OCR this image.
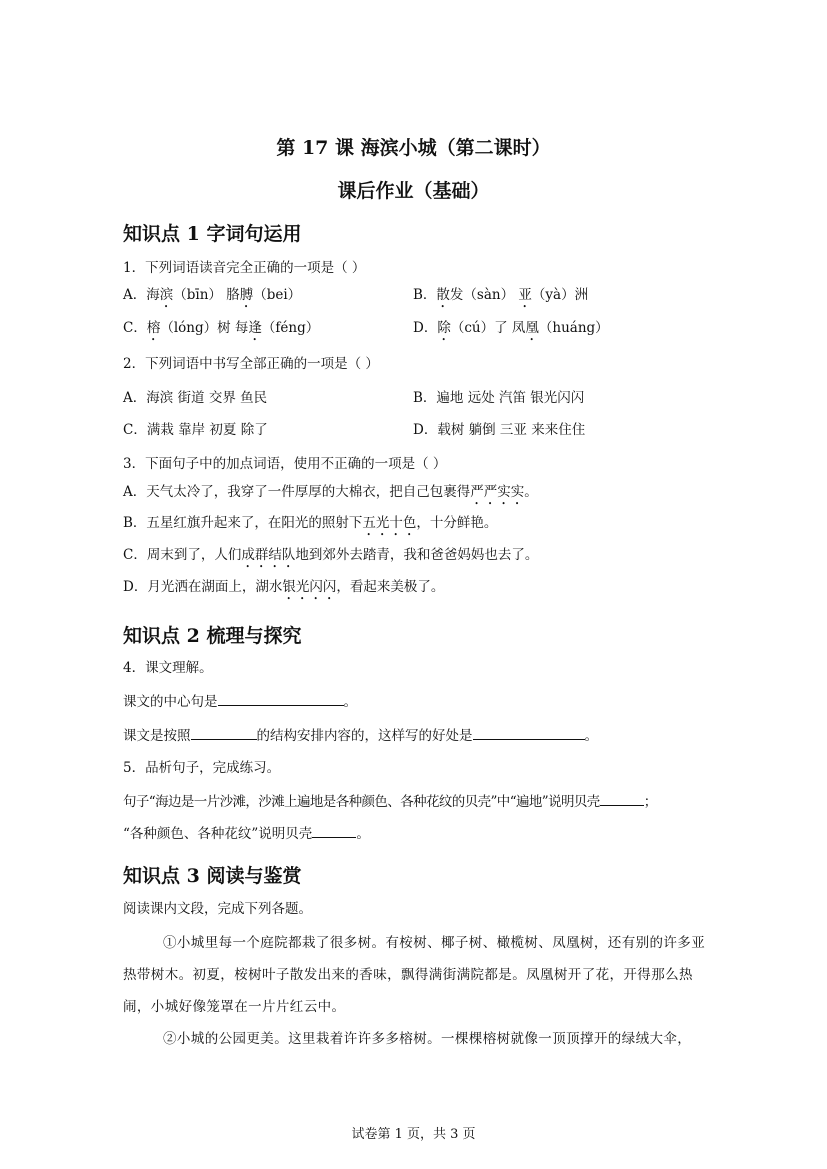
第 17 课 海滨小城（第二课时）
课后作业（基础）
知识点 1 字词句运用
1．下列词语读音完全正确的一项是（ ）
A．海滨（bīn） 胳膊（bei）	B．散发（sàn） 亚（yà）洲
C．榕（lóng）树 每逢（féng）	D．除（cú）了 凤凰（huáng）
2．下列词语中书写全部正确的一项是（ ）
A．海滨 街道 交界 鱼民	B．遍地 远处 汽笛 银光闪闪
C．满栽 靠岸 初夏 除了	D．载树 躺倒 三亚 来来住住
3．下面句子中的加点词语，使用不正确的一项是（ ）
A．天气太冷了，我穿了一件厚厚的大棉衣，把自己包裹得严严实实。
B．五星红旗升起来了，在阳光的照射下五光十色，十分鲜艳。
C．周末到了，人们成群结队地到郊外去踏青，我和爸爸妈妈也去了。
D．月光洒在湖面上，湖水银光闪闪，看起来美极了。
知识点 2 梳理与探究
4．课文理解。
课文的中心句是	。
课文是按照	的结构安排内容的，这样写的好处是	。
5．品析句子，完成练习。
句子“海边是一片沙滩，沙滩上遍地是各种颜色、各种花纹的贝壳”中“遍地”说明贝壳	；
“各种颜色、各种花纹”说明贝壳	。
知识点 3 阅读与鉴赏
阅读课内文段，完成下列各题。
①小城里每一个庭院都栽了很多树。有桉树、椰子树、橄榄树、凤凰树，还有别的许多亚热带树木。初夏，桉树叶子散发出来的香味，飘得满街满院都是。凤凰树开了花，开得那么热闹，小城好像笼罩在一片片红云中。
②小城的公园更美。这里栽着许许多多榕树。一棵棵榕树就像一顶顶撑开的绿绒大伞，
试卷第 1 页，共 3 页
